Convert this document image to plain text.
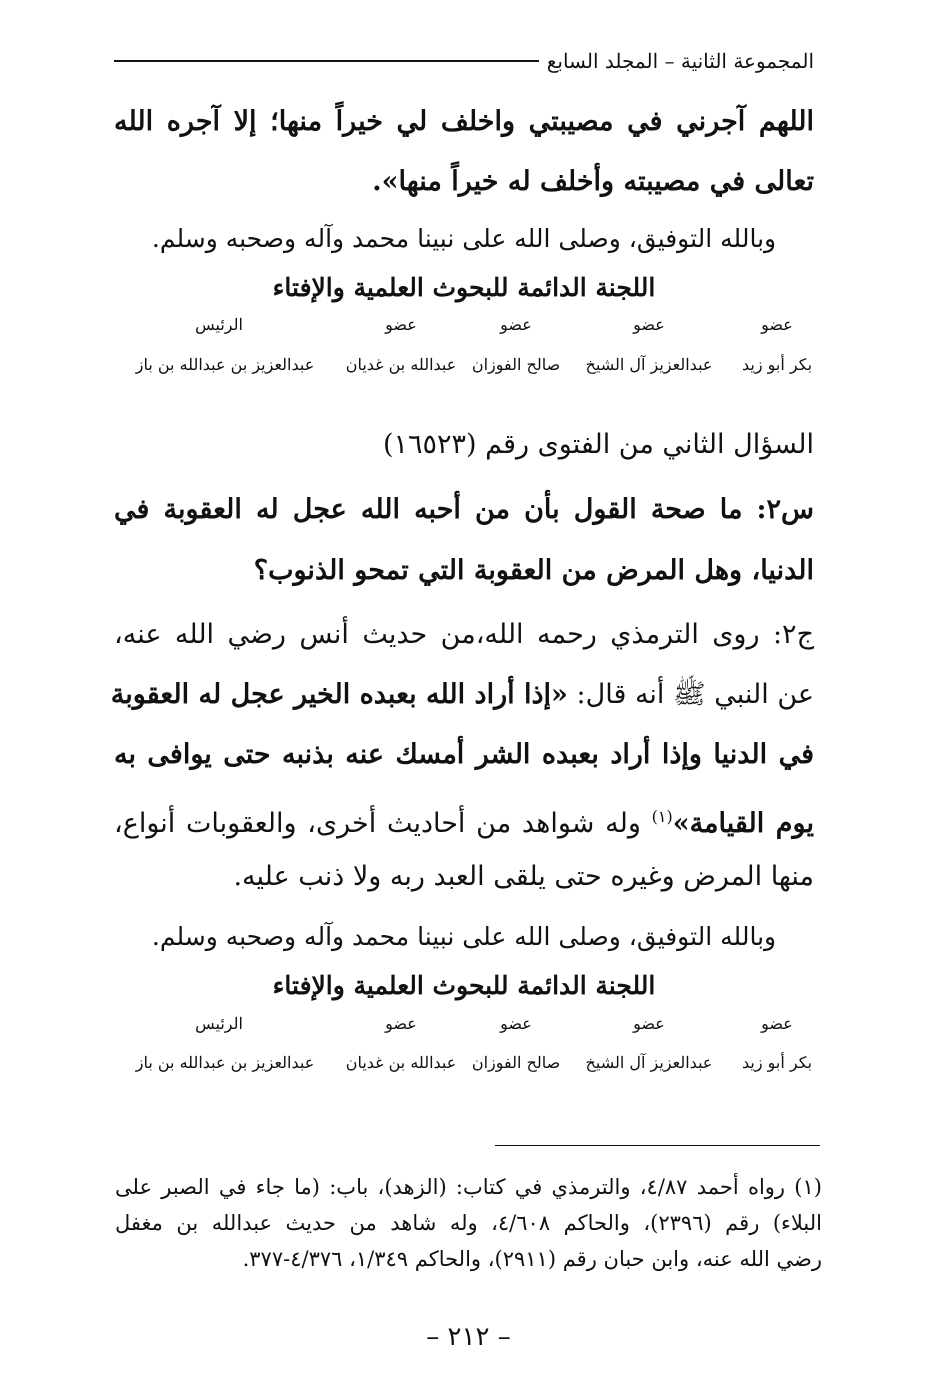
المجموعة الثانية – المجلد السابع
اللهم آجرني في مصيبتي واخلف لي خيراً منها؛ إلا آجره الله
تعالى في مصيبته وأخلف له خيراً منها».
وبالله التوفيق، وصلى الله على نبينا محمد وآله وصحبه وسلم.
اللجنة الدائمة للبحوث العلمية والإفتاء
عضو
عضو
عضو
عضو
الرئيس
بكر أبو زيد
عبدالعزيز آل الشيخ
صالح الفوزان
عبدالله بن غديان
عبدالعزيز بن عبدالله بن باز
السؤال الثاني من الفتوى رقم (١٦٥٢٣)
س٢: ما صحة القول بأن من أحبه الله عجل له العقوبة في
الدنيا، وهل المرض من العقوبة التي تمحو الذنوب؟
ج٢: روى الترمذي رحمه الله،من حديث أنس رضي الله عنه،
عن النبي ﷺ أنه قال: «إذا أراد الله بعبده الخير عجل له العقوبة
في الدنيا وإذا أراد بعبده الشر أمسك عنه بذنبه حتى يوافى به
يوم القيامة»$^{(١)}$ وله شواهد من أحاديث أخرى، والعقوبات أنواع،
منها المرض وغيره حتى يلقى العبد ربه ولا ذنب عليه.
وبالله التوفيق، وصلى الله على نبينا محمد وآله وصحبه وسلم.
اللجنة الدائمة للبحوث العلمية والإفتاء
عضو
عضو
عضو
عضو
الرئيس
بكر أبو زيد
عبدالعزيز آل الشيخ
صالح الفوزان
عبدالله بن غديان
عبدالعزيز بن عبدالله بن باز
(١) رواه أحمد ٤/٨٧، والترمذي في كتاب: (الزهد)، باب: (ما جاء في الصبر على
البلاء) رقم (٢٣٩٦)، والحاكم ٤/٦٠٨، وله شاهد من حديث عبدالله بن مغفل
رضي الله عنه، وابن حبان رقم (٢٩١١)، والحاكم ١/٣٤٩، ٤/٣٧٦-٣٧٧.
– ٢١٢ –
